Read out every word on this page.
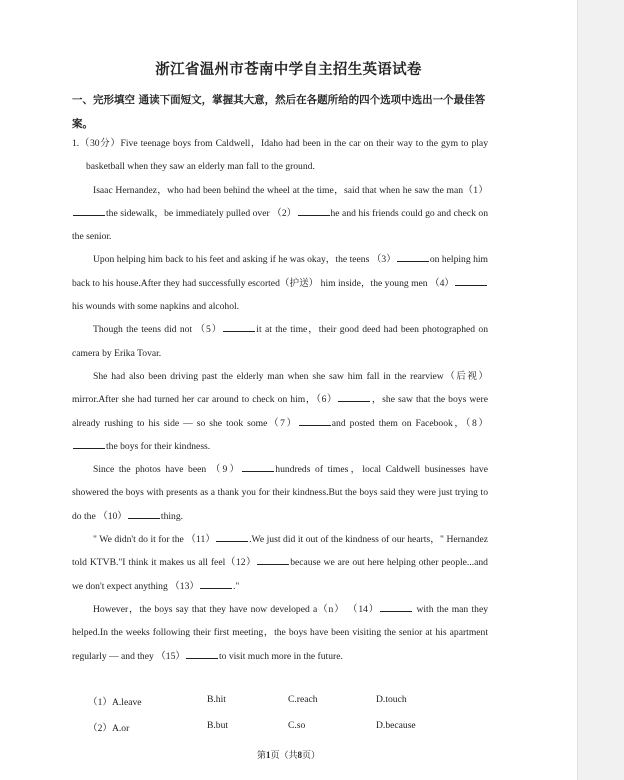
浙江省温州市苍南中学自主招生英语试卷
一、完形填空 通读下面短文，掌握其大意，然后在各题所给的四个选项中选出一个最佳答案。

1.（30分）Five teenage boys from Caldwell，Idaho had been in the car on their way to the gym to play basketball when they saw an elderly man fall to the ground.

Isaac Hernandez，who had been behind the wheel at the time，said that when he saw the man（1）the sidewalk，be immediately pulled over （2）	he and his friends could go and check on the senior.

Upon helping him back to his feet and asking if he was okay，the teens （3）	on helping him back to his house.After they had successfully escorted（护送） him inside，the young men （4） his wounds with some napkins and alcohol.

Though the teens did not （5）	it at the time，their good deed had been photographed on camera by Erika Tovar.

She had also been driving past the elderly man when she saw him fall in the rearview（后视） mirror.After she had turned her car around to check on him，（6）	，she saw that the boys were already rushing to his side — so she took some（7）	and posted them on Facebook，（8）the boys for their kindness.

Since the photos have been （9）	hundreds of times，local Caldwell businesses have showered the boys with presents as a thank you for their kindness.But the boys said they were just trying to do the （10）	thing.

" We didn't do it for the （11）	.We just did it out of the kindness of our hearts，" Hernandez told KTVB."I think it makes us all feel（12）	because we are out here helping other people...and we don't expect anything （13）	."

However，the boys say that they have now developed a（n） （14）	with the man they helped.In the weeks following their first meeting，the boys have been visiting the senior at his apartment regularly — and they （15）	to visit much more in the future.

（1）A.leave	B.hit	C.reach	D.touch
（2）A.or	B.but	C.so	D.because
第1页（共8页）
